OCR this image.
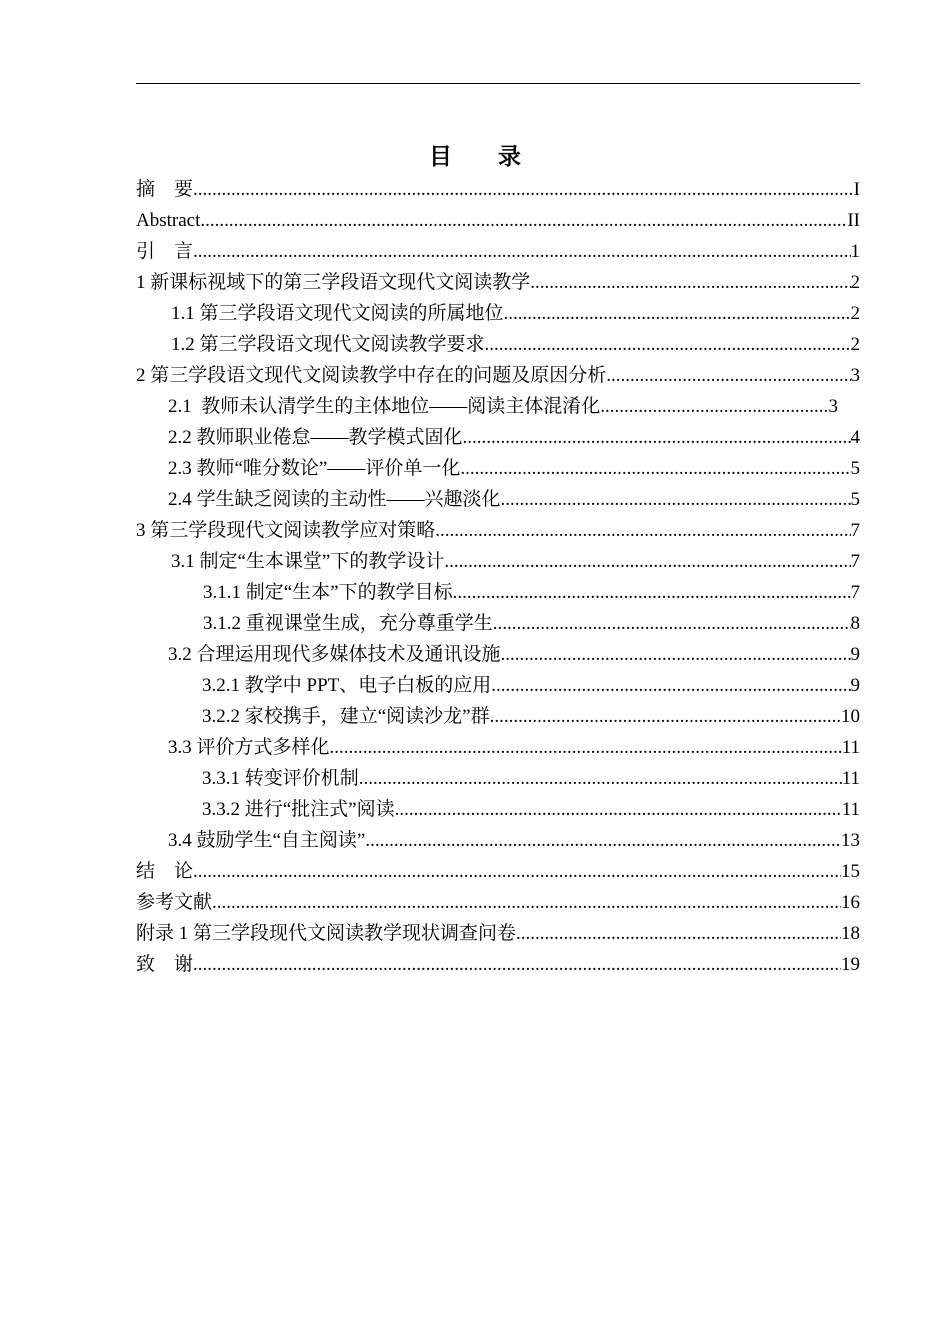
目 录
摘　要 .....	I
Abstract .....	II
引　言 .....	1
1 新课标视域下的第三学段语文现代文阅读教学 .....	2
1.1 第三学段语文现代文阅读的所属地位 .....	2
1.2 第三学段语文现代文阅读教学要求 .....	2
2 第三学段语文现代文阅读教学中存在的问题及原因分析 .....	3
2.1  教师未认清学生的主体地位——阅读主体混淆化 .....	3
2.2 教师职业倦怠——教学模式固化 .....	4
2.3 教师“唯分数论”——评价单一化 .....	5
2.4 学生缺乏阅读的主动性——兴趣淡化 .....	5
3 第三学段现代文阅读教学应对策略 .....	7
3.1 制定“生本课堂”下的教学设计 .....	7
3.1.1 制定“生本”下的教学目标 .....	7
3.1.2 重视课堂生成，充分尊重学生 .....	8
3.2 合理运用现代多媒体技术及通讯设施 .....	9
3.2.1 教学中 PPT、电子白板的应用 .....	9
3.2.2 家校携手，建立“阅读沙龙”群 .....	10
3.3 评价方式多样化 .....	11
3.3.1 转变评价机制 .....	11
3.3.2 进行“批注式”阅读 .....	11
3.4 鼓励学生“自主阅读” .....	13
结　论 .....	15
参考文献 .....	16
附录 1 第三学段现代文阅读教学现状调查问卷 .....	18
致　谢 .....	19
